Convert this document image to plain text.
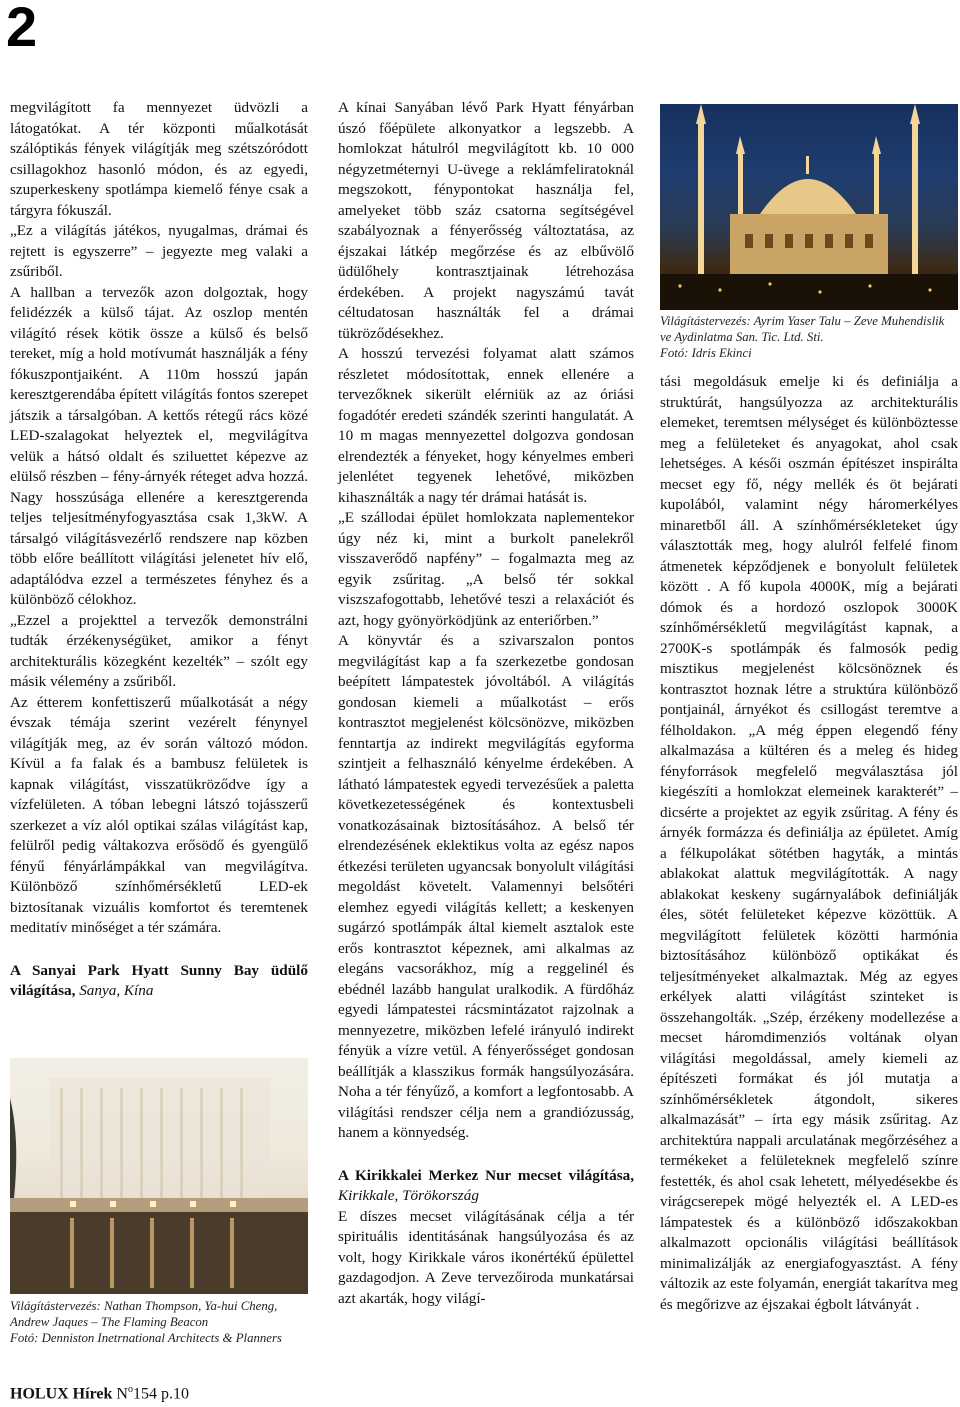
2

megvilágított fa mennyezet üdvözli a látogatókat. A tér központi műalkotását szálóptikás fények világítják meg szétszóródott csillagokhoz hasonló módon, és az egyedi, szuperkeskeny spotlámpa kiemelő fénye csak a tárgyra fókuszál.

„Ez a világítás játékos, nyugalmas, drámai és rejtett is egyszerre” – jegyezte meg valaki a zsűriből.

A hallban a tervezők azon dolgoztak, hogy felidézzék a külső tájat. Az oszlop mentén világító rések kötik össze a külső és belső tereket, míg a hold motívumát használják a fény fókuszpontjaiként. A 110m hosszú japán keresztgerendába épített világítás fontos szerepet játszik a társalgóban. A kettős rétegű rács közé LED-szalagokat helyeztek el, megvilágítva velük a hátsó oldalt és sziluettet képezve az elülső részben – fény-árnyék réteget adva hozzá. Nagy hosszúsága ellenére a keresztgerenda teljes teljesítményfogyasztása csak 1,3kW. A társalgó világításvezérlő rendszere nap közben több előre beállított világítási jelenetet hív elő, adaptálódva ezzel a természetes fényhez és a különböző célokhoz.

„Ezzel a projekttel a tervezők demonstrálni tudták érzékenységüket, amikor a fényt architekturális közegként kezelték” – szólt egy másik vélemény a zsűriből.

Az étterem konfettiszerű műalkotását a négy évszak témája szerint vezérelt fénynyel világítják meg, az év során változó módon. Kívül a fa falak és a bambusz felületek is kapnak világítást, visszatükröződve így a vízfelületen. A tóban lebegni látszó tojásszerű szerkezet a víz alól optikai szálas világítást kap, felülről pedig váltakozva erősödő és gyengülő fényű fényárlámpákkal van megvilágítva. Különböző színhőmérsékletű LED-ek biztosítanak vizuális komfortot és teremtenek meditatív minőséget a tér számára.

A Sanyai Park Hyatt Sunny Bay üdülő világítása, Sanya, Kína

Világítástervezés: Nathan Thompson, Ya-hui Cheng, Andrew Jaques – The Flaming Beacon
Fotó: Denniston Inetrnational Architects & Planners

A kínai Sanyában lévő Park Hyatt fényárban úszó főépülete alkonyatkor a legszebb. A homlokzat hátulról megvilágított kb. 10 000 négyzetméternyi U-üvege a reklámfeliratoknál megszokott, fénypontokat használja fel, amelyeket több száz csatorna segítségével szabályoznak a fényerősség változtatása, az éjszakai látkép megőrzése és az elbűvölő üdülőhely kontrasztjainak létrehozása érdekében. A projekt nagyszámú tavát céltudatosan használták fel a drámai tükröződésekhez.

A hosszú tervezési folyamat alatt számos részletet módosítottak, ennek ellenére a tervezőknek sikerült elérniük az az óriási fogadótér eredeti szándék szerinti hangulatát. A 10 m magas mennyezettel dolgozva gondosan elrendezték a fényeket, hogy kényelmes emberi jelenlétet tegyenek lehetővé, miközben kihasználták a nagy tér drámai hatását is.

„E szállodai épület homlokzata naplementekor úgy néz ki, mint a burkolt panelekről visszaverődő napfény” – fogalmazta meg az egyik zsűritag. „A belső tér sokkal viszszafogottabb, lehetővé teszi a relaxációt és azt, hogy gyönyörködjünk az enteriőrben.”

A könyvtár és a szivarszalon pontos megvilágítást kap a fa szerkezetbe gondosan beépített lámpatestek jóvoltából. A világítás gondosan kiemeli a műalkotást – erős kontrasztot megjelenést kölcsönözve, miközben fenntartja az indirekt megvilágítás egyforma szintjeit a felhasználó kényelme érdekében. A látható lámpatestek egyedi tervezésűek a paletta következetességének és kontextusbeli vonatkozásainak biztosításához. A belső tér elrendezésének eklektikus volta az egész napos étkezési területen ugyancsak bonyolult világítási megoldást követelt. Valamennyi belsőtéri elemhez egyedi világítás kellett; a keskenyen sugárzó spotlámpák által kiemelt asztalok este erős kontrasztot képeznek, ami alkalmas az elegáns vacsorákhoz, míg a reggelinél és ebédnél lazább hangulat uralkodik. A fürdőház egyedi lámpatestei rácsmintázatot rajzolnak a mennyezetre, miközben lefelé irányuló indirekt fényük a vízre vetül. A fényerősséget gondosan beállítják a klasszikus formák hangsúlyozására. Noha a tér fényűző, a komfort a legfontosabb. A világítási rendszer célja nem a grandiózusság, hanem a könnyedség.

A Kirikkalei Merkez Nur mecset világítása, Kirikkale, Törökország

E díszes mecset világításának célja a tér spirituális identitásának hangsúlyozása és az volt, hogy Kirikkale város ikonértékű épülettel gazdagodjon. A Zeve tervezőiroda munkatársai azt akarták, hogy világí-

Világítástervezés: Ayrim Yaser Talu – Zeve Muhendislik ve Aydinlatma San. Tic. Ltd. Sti.
Fotó: Idris Ekinci

tási megoldásuk emelje ki és definiálja a struktúrát, hangsúlyozza az architekturális elemeket, teremtsen mélységet és különböztesse meg a felületeket és anyagokat, ahol csak lehetséges. A késői oszmán építészet inspirálta mecset egy fő, négy mellék és öt bejárati kupolából, valamint négy háromerkélyes minaretből áll. A színhőmérsékleteket úgy választották meg, hogy alulról felfelé finom átmenetek képződjenek e bonyolult felületek között . A fő kupola 4000K, míg a bejárati dómok és a hordozó oszlopok 3000K színhőmérsékletű megvilágítást kapnak, a 2700K-s spotlámpák és falmosók pedig misztikus megjelenést kölcsönöznek és kontrasztot hoznak létre a struktúra különböző pontjainál, árnyékot és csillogást teremtve a félholdakon. „A még éppen elegendő fény alkalmazása a kültéren és a meleg és hideg fényforrások megfelelő megválasztása jól kiegészíti a homlokzat elemeinek karakterét” – dicsérte a projektet az egyik zsűritag. A fény és árnyék formázza és definiálja az épületet. Amíg a félkupolákat sötétben hagyták, a mintás ablakokat alattuk megvilágították. A nagy ablakokat keskeny sugárnyalábok definiálják éles, sötét felületeket képezve közöttük. A megvilágított felületek közötti harmónia biztosításához különböző optikákat és teljesítményeket alkalmaztak. Még az egyes erkélyek alatti világítást szinteket is összehangolták. „Szép, érzékeny modellezése a mecset háromdimenziós voltának olyan világítási megoldással, amely kiemeli az építészeti formákat és jól mutatja a színhőmérsékletek átgondolt, sikeres alkalmazását” – írta egy másik zsűritag. Az architektúra nappali arculatának megőrzéséhez a termékeket a felületeknek megfelelő színre festették, és ahol csak lehetett, mélyedésekbe és virágcserepek mögé helyezték el. A LED-es lámpatestek és a különböző időszakokban alkalmazott opcionális világítási beállítások minimalizálják az energiafogyasztást. A fény változik az este folyamán, energiát takarítva meg és megőrizve az éjszakai égbolt látványát .

HOLUX Hírek $N^o154$ p.10
